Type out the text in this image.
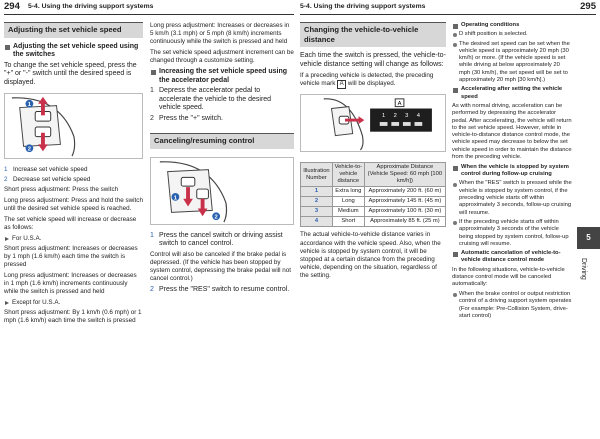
294 5-4. Using the driving support systems	5-4. Using the driving support systems	295
Adjusting the set vehicle speed
Adjusting the set vehicle speed using the switches

To change the set vehicle speed, press the "+" or "-" switch until the desired speed is displayed.

1
2
1 Increase set vehicle speed
2 Decrease set vehicle speed

Short press adjustment: Press the switch

Long press adjustment: Press and hold the switch until the desired set vehicle speed is reached.

The set vehicle speed will increase or decrease as follows:

For U.S.A.

Short press adjustment: Increases or decreases by 1 mph (1.6 km/h) each time the switch is pressed

Long press adjustment: Increases or decreases in 1 mph (1.6 km/h) increments continuously while the switch is pressed and held

Except for U.S.A.

Short press adjustment: By 1 km/h (0.6 mph) or 1 mph (1.6 km/h) each time the switch is pressed

Long press adjustment: Increases or decreases in 5 km/h (3.1 mph) or 5 mph (8 km/h) increments continuously while the switch is pressed and held

The set vehicle speed adjustment increment can be changed through a customize setting.

Increasing the set vehicle speed using the accelerator pedal
1 Depress the accelerator pedal to accelerate the vehicle to the desired vehicle speed.
2 Press the "+" switch.
Canceling/resuming control
1
2
1 Press the cancel switch or driving assist switch to cancel control.

Control will also be canceled if the brake pedal is depressed. (If the vehicle has been stopped by system control, depressing the brake pedal will not cancel control.)

2 Press the "RES" switch to resume control.
Changing the vehicle-to-vehicle distance

Each time the switch is pressed, the vehicle-to-vehicle distance setting will change as follows:

If a preceding vehicle is detected, the preceding vehicle mark A will be displayed.

A
1 2 3 4
Illustration Number	Vehicle-to-vehicle distance	Approximate Distance (Vehicle Speed: 60 mph [100 km/h])
1	Extra long	Approximately 200 ft. (60 m)
2	Long	Approximately 145 ft. (45 m)
3	Medium	Approximately 100 ft. (30 m)
4	Short	Approximately 85 ft. (25 m)

The actual vehicle-to-vehicle distance varies in accordance with the vehicle speed. Also, when the vehicle is stopped by system control, it will be stopped at a certain distance from the preceding vehicle, depending on the situation, regardless of the setting.

Operating conditions
D shift position is selected.
The desired set speed can be set when the vehicle speed is approximately 20 mph (30 km/h) or more. (If the vehicle speed is set while driving at below approximately 20 mph (30 km/h), the set speed will be set to approximately 20 mph [30 km/h].)
Accelerating after setting the vehicle speed

As with normal driving, acceleration can be performed by depressing the accelerator pedal. After accelerating, the vehicle will return to the set vehicle speed. However, while in vehicle-to-distance distance control mode, the vehicle speed may decrease to below the set vehicle speed in order to maintain the distance from the preceding vehicle.

When the vehicle is stopped by system control during follow-up cruising
When the "RES" switch is pressed while the vehicle is stopped by system control, if the preceding vehicle starts off within approximately 3 seconds, follow-up cruising will resume.
If the preceding vehicle starts off within approximately 3 seconds of the vehicle being stopped by system control, follow-up cruising will resume.
Automatic cancelation of vehicle-to-vehicle distance control mode

In the following situations, vehicle-to-vehicle distance control mode will be canceled automatically:

When the brake control or output restriction control of a driving support system operates (For example: Pre-Collision System, drive-start control)
5
Driving
